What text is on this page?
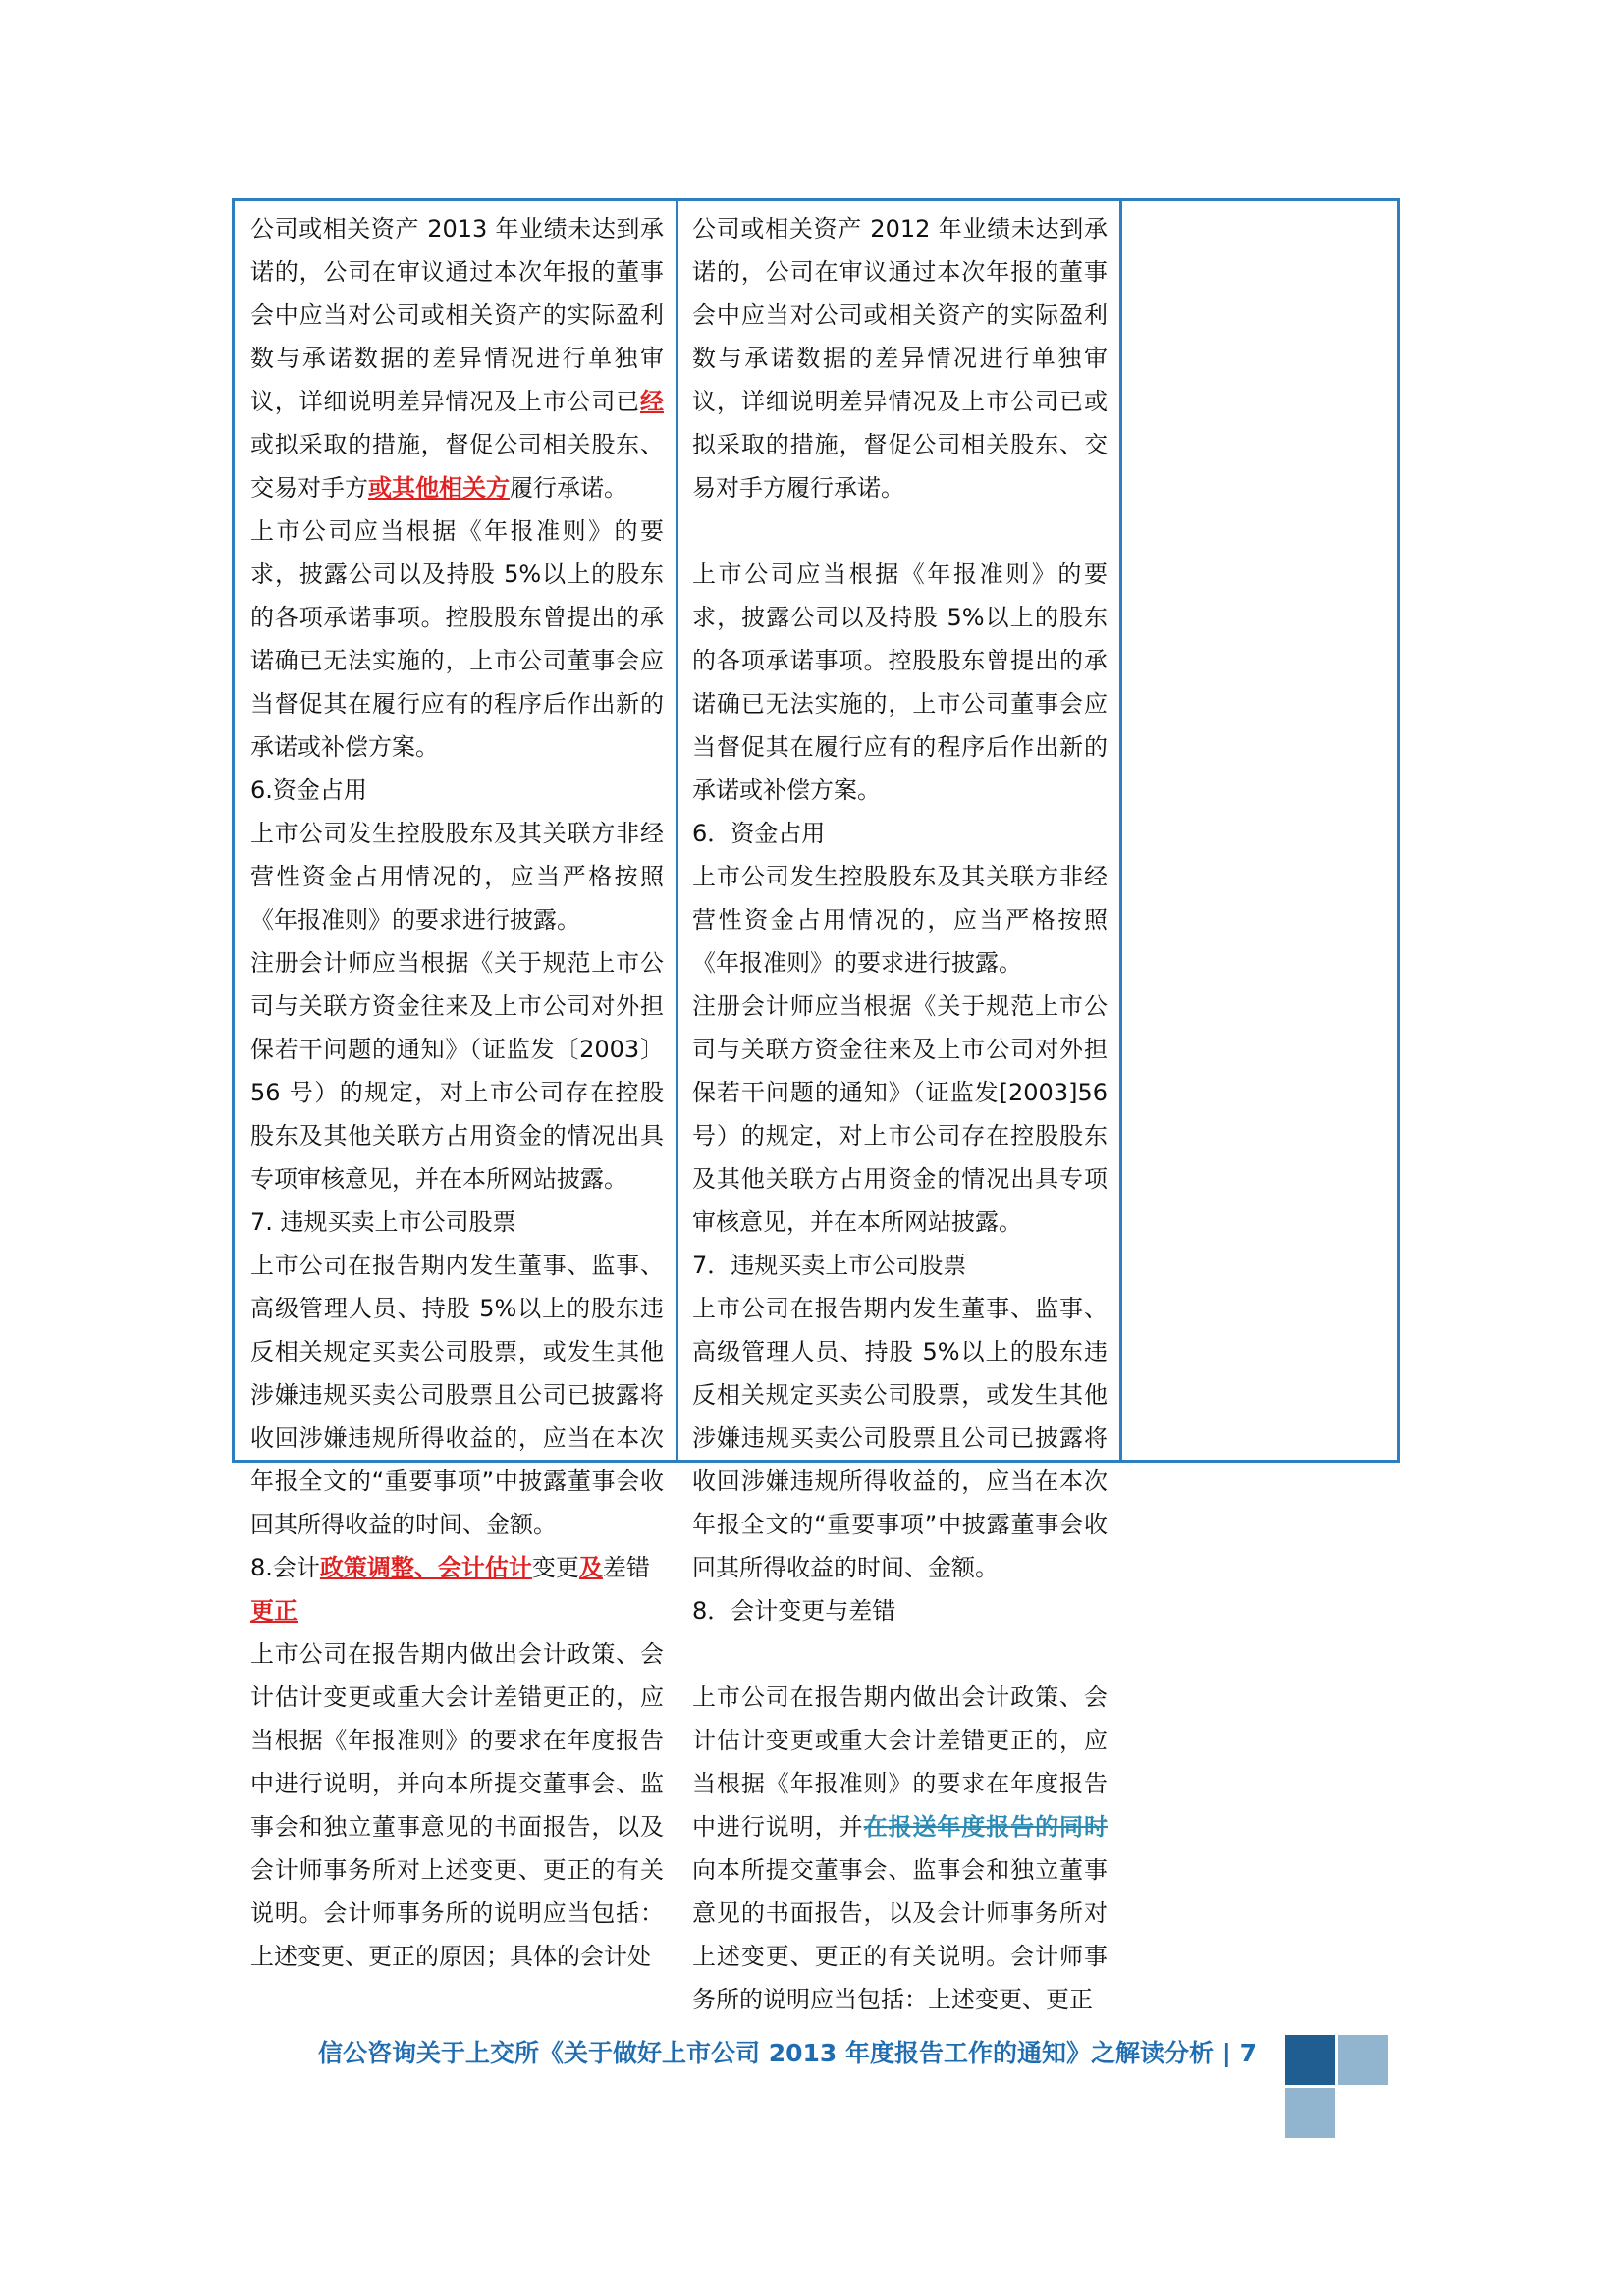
公司或相关资产 2013 年业绩未达到承诺的，公司在审议通过本次年报的董事会中应当对公司或相关资产的实际盈利数与承诺数据的差异情况进行单独审议，详细说明差异情况及上市公司已经或拟采取的措施，督促公司相关股东、交易对手方或其他相关方履行承诺。

上市公司应当根据《年报准则》的要求，披露公司以及持股 5%以上的股东的各项承诺事项。控股股东曾提出的承诺确已无法实施的，上市公司董事会应当督促其在履行应有的程序后作出新的承诺或补偿方案。

6.资金占用

上市公司发生控股股东及其关联方非经营性资金占用情况的，应当严格按照《年报准则》的要求进行披露。

注册会计师应当根据《关于规范上市公司与关联方资金往来及上市公司对外担保若干问题的通知》（证监发〔2003〕56 号）的规定，对上市公司存在控股股东及其他关联方占用资金的情况出具专项审核意见，并在本所网站披露。

7. 违规买卖上市公司股票

上市公司在报告期内发生董事、监事、高级管理人员、持股 5%以上的股东违反相关规定买卖公司股票，或发生其他涉嫌违规买卖公司股票且公司已披露将收回涉嫌违规所得收益的，应当在本次年报全文的“重要事项”中披露董事会收回其所得收益的时间、金额。

8.会计政策调整、会计估计变更及差错
更正

上市公司在报告期内做出会计政策、会计估计变更或重大会计差错更正的，应当根据《年报准则》的要求在年度报告中进行说明，并向本所提交董事会、监事会和独立董事意见的书面报告，以及会计师事务所对上述变更、更正的有关说明。会计师事务所的说明应当包括：上述变更、更正的原因；具体的会计处

公司或相关资产 2012 年业绩未达到承诺的，公司在审议通过本次年报的董事会中应当对公司或相关资产的实际盈利数与承诺数据的差异情况进行单独审议，详细说明差异情况及上市公司已或拟采取的措施，督促公司相关股东、交易对手方履行承诺。

上市公司应当根据《年报准则》的要求，披露公司以及持股 5%以上的股东的各项承诺事项。控股股东曾提出的承诺确已无法实施的，上市公司董事会应当督促其在履行应有的程序后作出新的承诺或补偿方案。

6．资金占用

上市公司发生控股股东及其关联方非经营性资金占用情况的，应当严格按照《年报准则》的要求进行披露。

注册会计师应当根据《关于规范上市公司与关联方资金往来及上市公司对外担保若干问题的通知》（证监发[2003]56 号）的规定，对上市公司存在控股股东及其他关联方占用资金的情况出具专项审核意见，并在本所网站披露。

7．违规买卖上市公司股票

上市公司在报告期内发生董事、监事、高级管理人员、持股 5%以上的股东违反相关规定买卖公司股票，或发生其他涉嫌违规买卖公司股票且公司已披露将收回涉嫌违规所得收益的，应当在本次年报全文的“重要事项”中披露董事会收回其所得收益的时间、金额。

8．会计变更与差错

上市公司在报告期内做出会计政策、会计估计变更或重大会计差错更正的，应当根据《年报准则》的要求在年度报告中进行说明，并在报送年度报告的同时向本所提交董事会、监事会和独立董事意见的书面报告，以及会计师事务所对上述变更、更正的有关说明。会计师事务所的说明应当包括：上述变更、更正

信公咨询关于上交所《关于做好上市公司 2013 年度报告工作的通知》之解读分析 | 7
